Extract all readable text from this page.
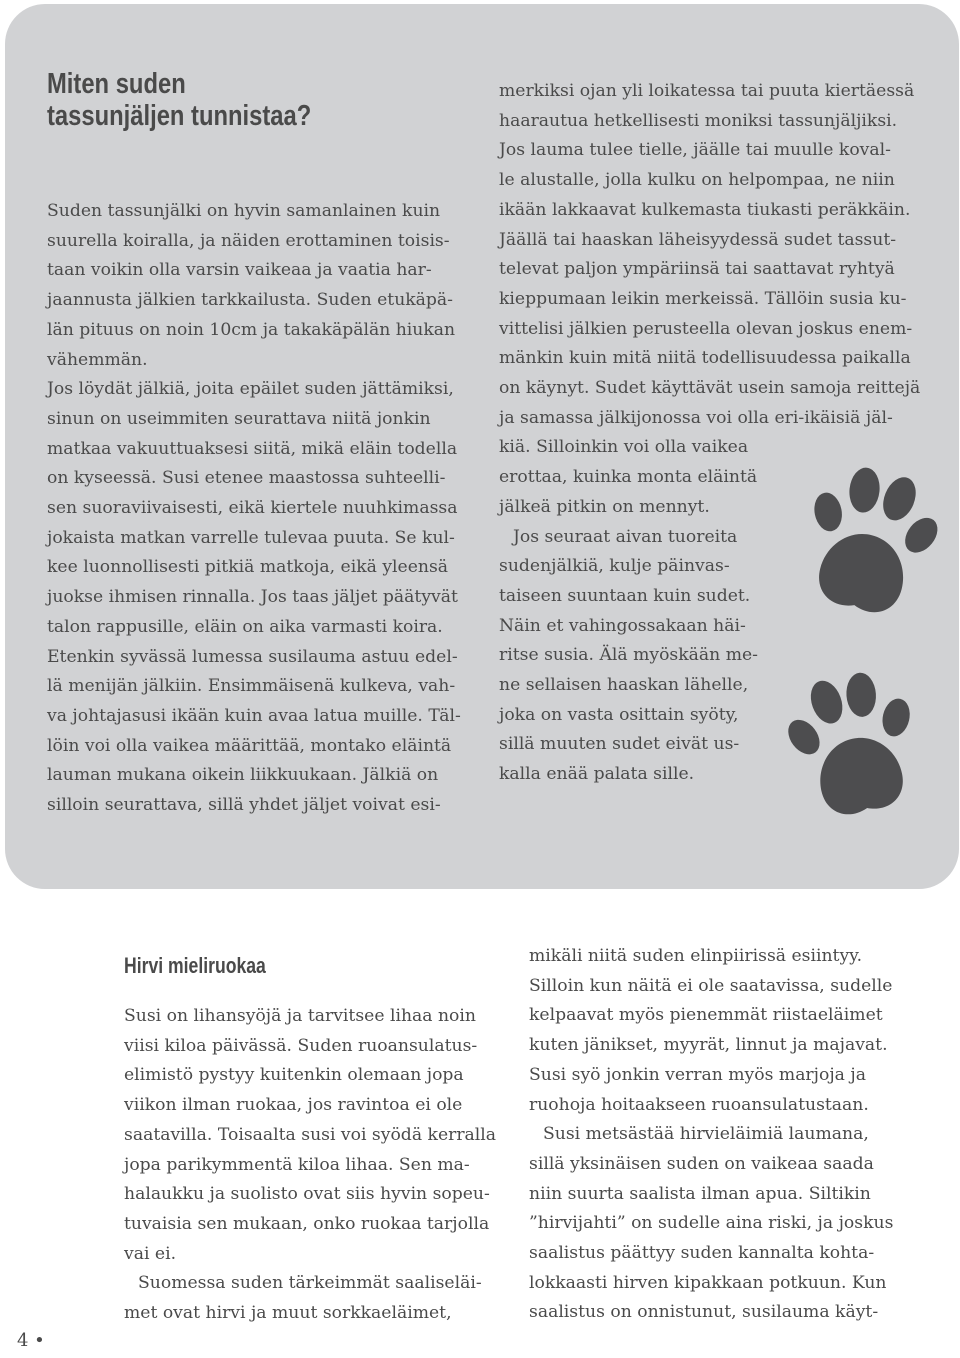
Miten suden
tassunjäljen tunnistaa?
Suden tassunjälki on hyvin samanlainen kuin
suurella koiralla, ja näiden erottaminen toisis-
taan voikin olla varsin vaikeaa ja vaatia har-
jaannusta jälkien tarkkailusta. Suden etukäpä-
län pituus on noin 10cm ja takakäpälän hiukan
vähemmän.
Jos löydät jälkiä, joita epäilet suden jättämiksi,
sinun on useimmiten seurattava niitä jonkin
matkaa vakuuttuaksesi siitä, mikä eläin todella
on kyseessä. Susi etenee maastossa suhteelli-
sen suoraviivaisesti, eikä kiertele nuuhkimassa
jokaista matkan varrelle tulevaa puuta. Se kul-
kee luonnollisesti pitkiä matkoja, eikä yleensä
juokse ihmisen rinnalla. Jos taas jäljet päätyvät
talon rappusille, eläin on aika varmasti koira.
Etenkin syvässä lumessa susilauma astuu edel-
lä menijän jälkiin. Ensimmäisenä kulkeva, vah-
va johtajasusi ikään kuin avaa latua muille. Täl-
löin voi olla vaikea määrittää, montako eläintä
lauman mukana oikein liikkuukaan. Jälkiä on
silloin seurattava, sillä yhdet jäljet voivat esi-
merkiksi ojan yli loikatessa tai puuta kiertäessä
haarautua hetkellisesti moniksi tassunjäljiksi.
Jos lauma tulee tielle, jäälle tai muulle koval-
le alustalle, jolla kulku on helpompaa, ne niin
ikään lakkaavat kulkemasta tiukasti peräkkäin.
Jäällä tai haaskan läheisyydessä sudet tassut-
televat paljon ympäriinsä tai saattavat ryhtyä
kieppumaan leikin merkeissä. Tällöin susia ku-
vittelisi jälkien perusteella olevan joskus enem-
mänkin kuin mitä niitä todellisuudessa paikalla
on käynyt. Sudet käyttävät usein samoja reittejä
ja samassa jälkijonossa voi olla eri-ikäisiä jäl-
kiä. Silloinkin voi olla vaikea
erottaa, kuinka monta eläintä
jälkeä pitkin on mennyt.
Jos seuraat aivan tuoreita
sudenjälkiä, kulje päinvas-
taiseen suuntaan kuin sudet.
Näin et vahingossakaan häi-
ritse susia. Älä myöskään me-
ne sellaisen haaskan lähelle,
joka on vasta osittain syöty,
sillä muuten sudet eivät us-
kalla enää palata sille.
Hirvi mieliruokaa
Susi on lihansyöjä ja tarvitsee lihaa noin
viisi kiloa päivässä. Suden ruoansulatus-
elimistö pystyy kuitenkin olemaan jopa
viikon ilman ruokaa, jos ravintoa ei ole
saatavilla. Toisaalta susi voi syödä kerralla
jopa parikymmentä kiloa lihaa. Sen ma-
halaukku ja suolisto ovat siis hyvin sopeu-
tuvaisia sen mukaan, onko ruokaa tarjolla
vai ei.
Suomessa suden tärkeimmät saaliseläi-
met ovat hirvi ja muut sorkkaeläimet,
mikäli niitä suden elinpiirissä esiintyy.
Silloin kun näitä ei ole saatavissa, sudelle
kelpaavat myös pienemmät riistaeläimet
kuten jänikset, myyrät, linnut ja majavat.
Susi syö jonkin verran myös marjoja ja
ruohoja hoitaakseen ruoansulatustaan.
Susi metsästää hirvieläimiä laumana,
sillä yksinäisen suden on vaikeaa saada
niin suurta saalista ilman apua. Siltikin
”hirvijahti” on sudelle aina riski, ja joskus
saalistus päättyy suden kannalta kohta-
lokkaasti hirven kipakkaan potkuun. Kun
saalistus on onnistunut, susilauma käyt-
4 •
